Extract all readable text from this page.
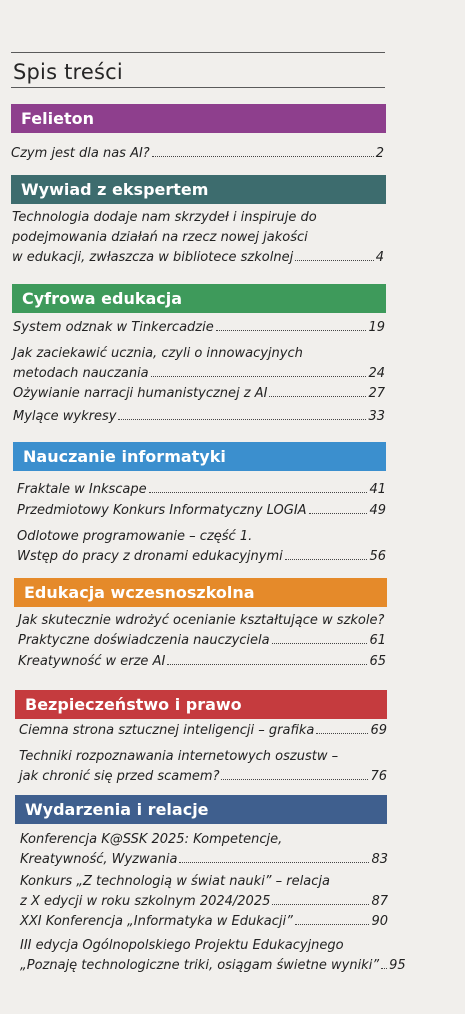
Spis treści
Felieton
Czym jest dla nas AI?	2
Wywiad z ekspertem
Technologia dodaje nam skrzydeł i inspiruje do
podejmowania działań na rzecz nowej jakości
w edukacji, zwłaszcza w bibliotece szkolnej	4
Cyfrowa edukacja
System odznak w Tinkercadzie	19
Jak zaciekawić ucznia, czyli o innowacyjnych
metodach nauczania	24
Ożywianie narracji humanistycznej z AI	27
Mylące wykresy	33
Nauczanie informatyki
Fraktale w Inkscape	41
Przedmiotowy Konkurs Informatyczny LOGIA	49
Odlotowe programowanie – część 1.
Wstęp do pracy z dronami edukacyjnymi	56
Edukacja wczesnoszkolna
Jak skutecznie wdrożyć ocenianie kształtujące w szkole?
Praktyczne doświadczenia nauczyciela	61
Kreatywność w erze AI	65
Bezpieczeństwo i prawo
Ciemna strona sztucznej inteligencji – grafika	69
Techniki rozpoznawania internetowych oszustw –
jak chronić się przed scamem?	76
Wydarzenia i relacje
Konferencja K@SSK 2025: Kompetencje,
Kreatywność, Wyzwania	83
Konkurs „Z technologią w świat nauki” – relacja
z X edycji w roku szkolnym 2024/2025	87
XXI Konferencja „Informatyka w Edukacji”	90
III edycja Ogólnopolskiego Projektu Edukacyjnego
„Poznaję technologiczne triki, osiągam świetne wyniki” 95
